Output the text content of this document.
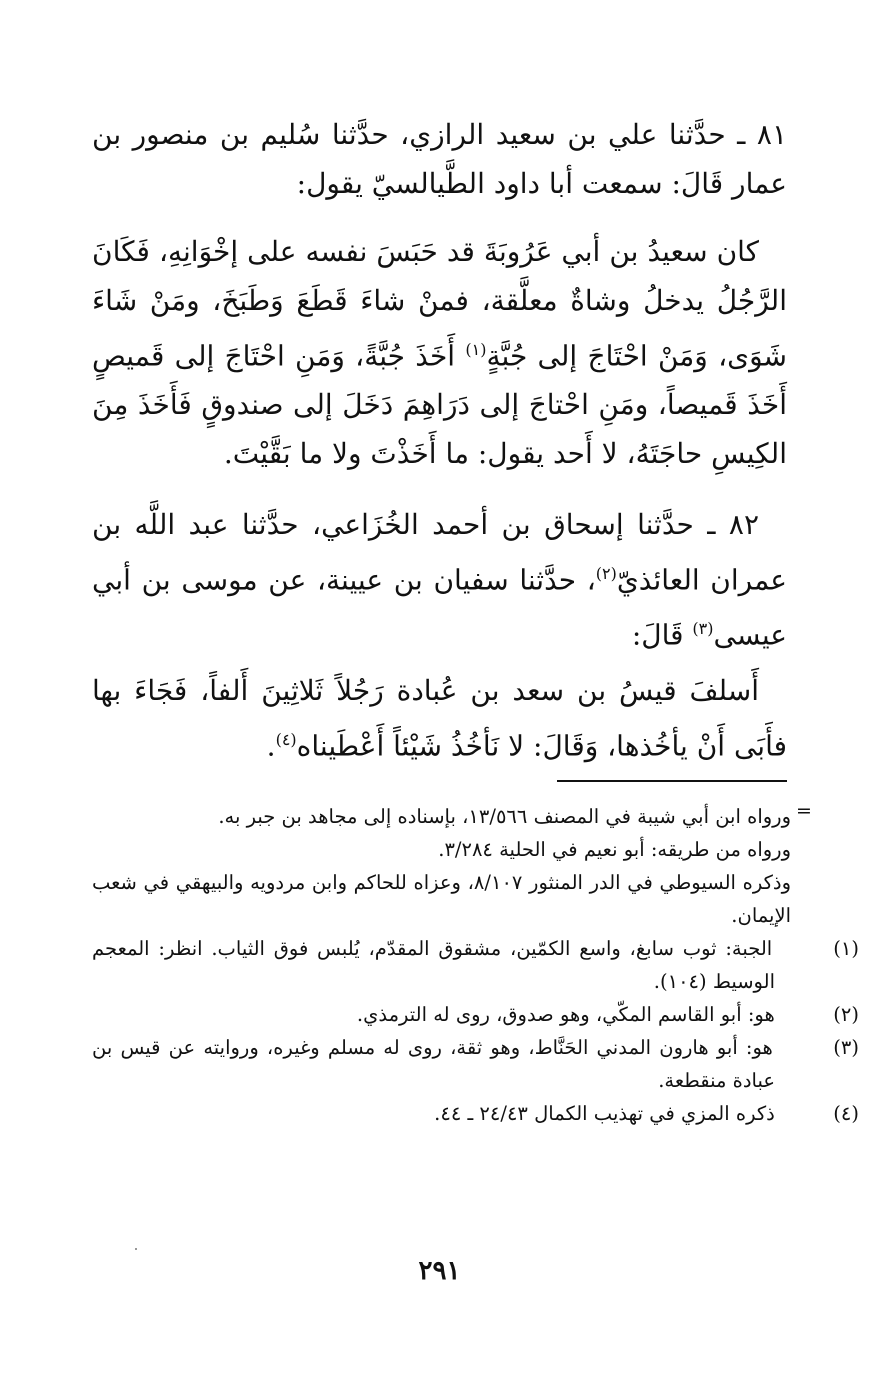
٨١ ـ حدَّثنا علي بن سعيد الرازي، حدَّثنا سُليم بن منصور بن عمار قَالَ: سمعت أبا داود الطَّيالسيّ يقول:

كان سعيدُ بن أبي عَرُوبَةَ قد حَبَسَ نفسه على إخْوَانِهِ، فَكَانَ الرَّجُلُ يدخلُ وشاةٌ معلَّقة، فمنْ شاءَ قَطَعَ وَطَبَخَ، ومَنْ شَاءَ شَوَى، وَمَنْ احْتَاجَ إلى جُبَّةٍ$^{(١)}$ أَخَذَ جُبَّةً، وَمَنِ احْتَاجَ إلى قَميصٍ أَخَذَ قَميصاً، ومَنِ احْتاجَ إلى دَرَاهِمَ دَخَلَ إلى صندوقٍ فَأَخَذَ مِنَ الكِيسِ حاجَتَهُ، لا أَحد يقول: ما أَخَذْتَ ولا ما بَقَّيْتَ.

٨٢ ـ حدَّثنا إسحاق بن أحمد الخُزَاعي، حدَّثنا عبد اللَّه بن عمران العائذيّ$^{(٢)}$، حدَّثنا سفيان بن عيينة، عن موسى بن أبي عيسى$^{(٣)}$ قَالَ:

أَسلفَ قيسُ بن سعد بن عُبادة رَجُلاً ثَلاثِينَ أَلفاً، فَجَاءَ بها فأَبَى أَنْ يأخُذها، وَقَالَ: لا نَأخُذُ شَيْئاً أَعْطَيناه$^{(٤)}$.

=

ورواه ابن أبي شيبة في المصنف ١٣/٥٦٦، بإسناده إلى مجاهد بن جبر به.

ورواه من طريقه: أبو نعيم في الحلية ٣/٢٨٤.

وذكره السيوطي في الدر المنثور ٨/١٠٧، وعزاه للحاكم وابن مردويه والبيهقي في شعب الإيمان.

(١) الجبة: ثوب سابغ، واسع الكمّين، مشقوق المقدّم، يُلبس فوق الثياب. انظر: المعجم الوسيط (١٠٤).

(٢) هو: أبو القاسم المكّي، وهو صدوق، روى له الترمذي.

(٣) هو: أبو هارون المدني الحَنَّاط، وهو ثقة، روى له مسلم وغيره، وروايته عن قيس بن عبادة منقطعة.

(٤) ذكره المزي في تهذيب الكمال ٢٤/٤٣ ـ ٤٤.

٢٩١
